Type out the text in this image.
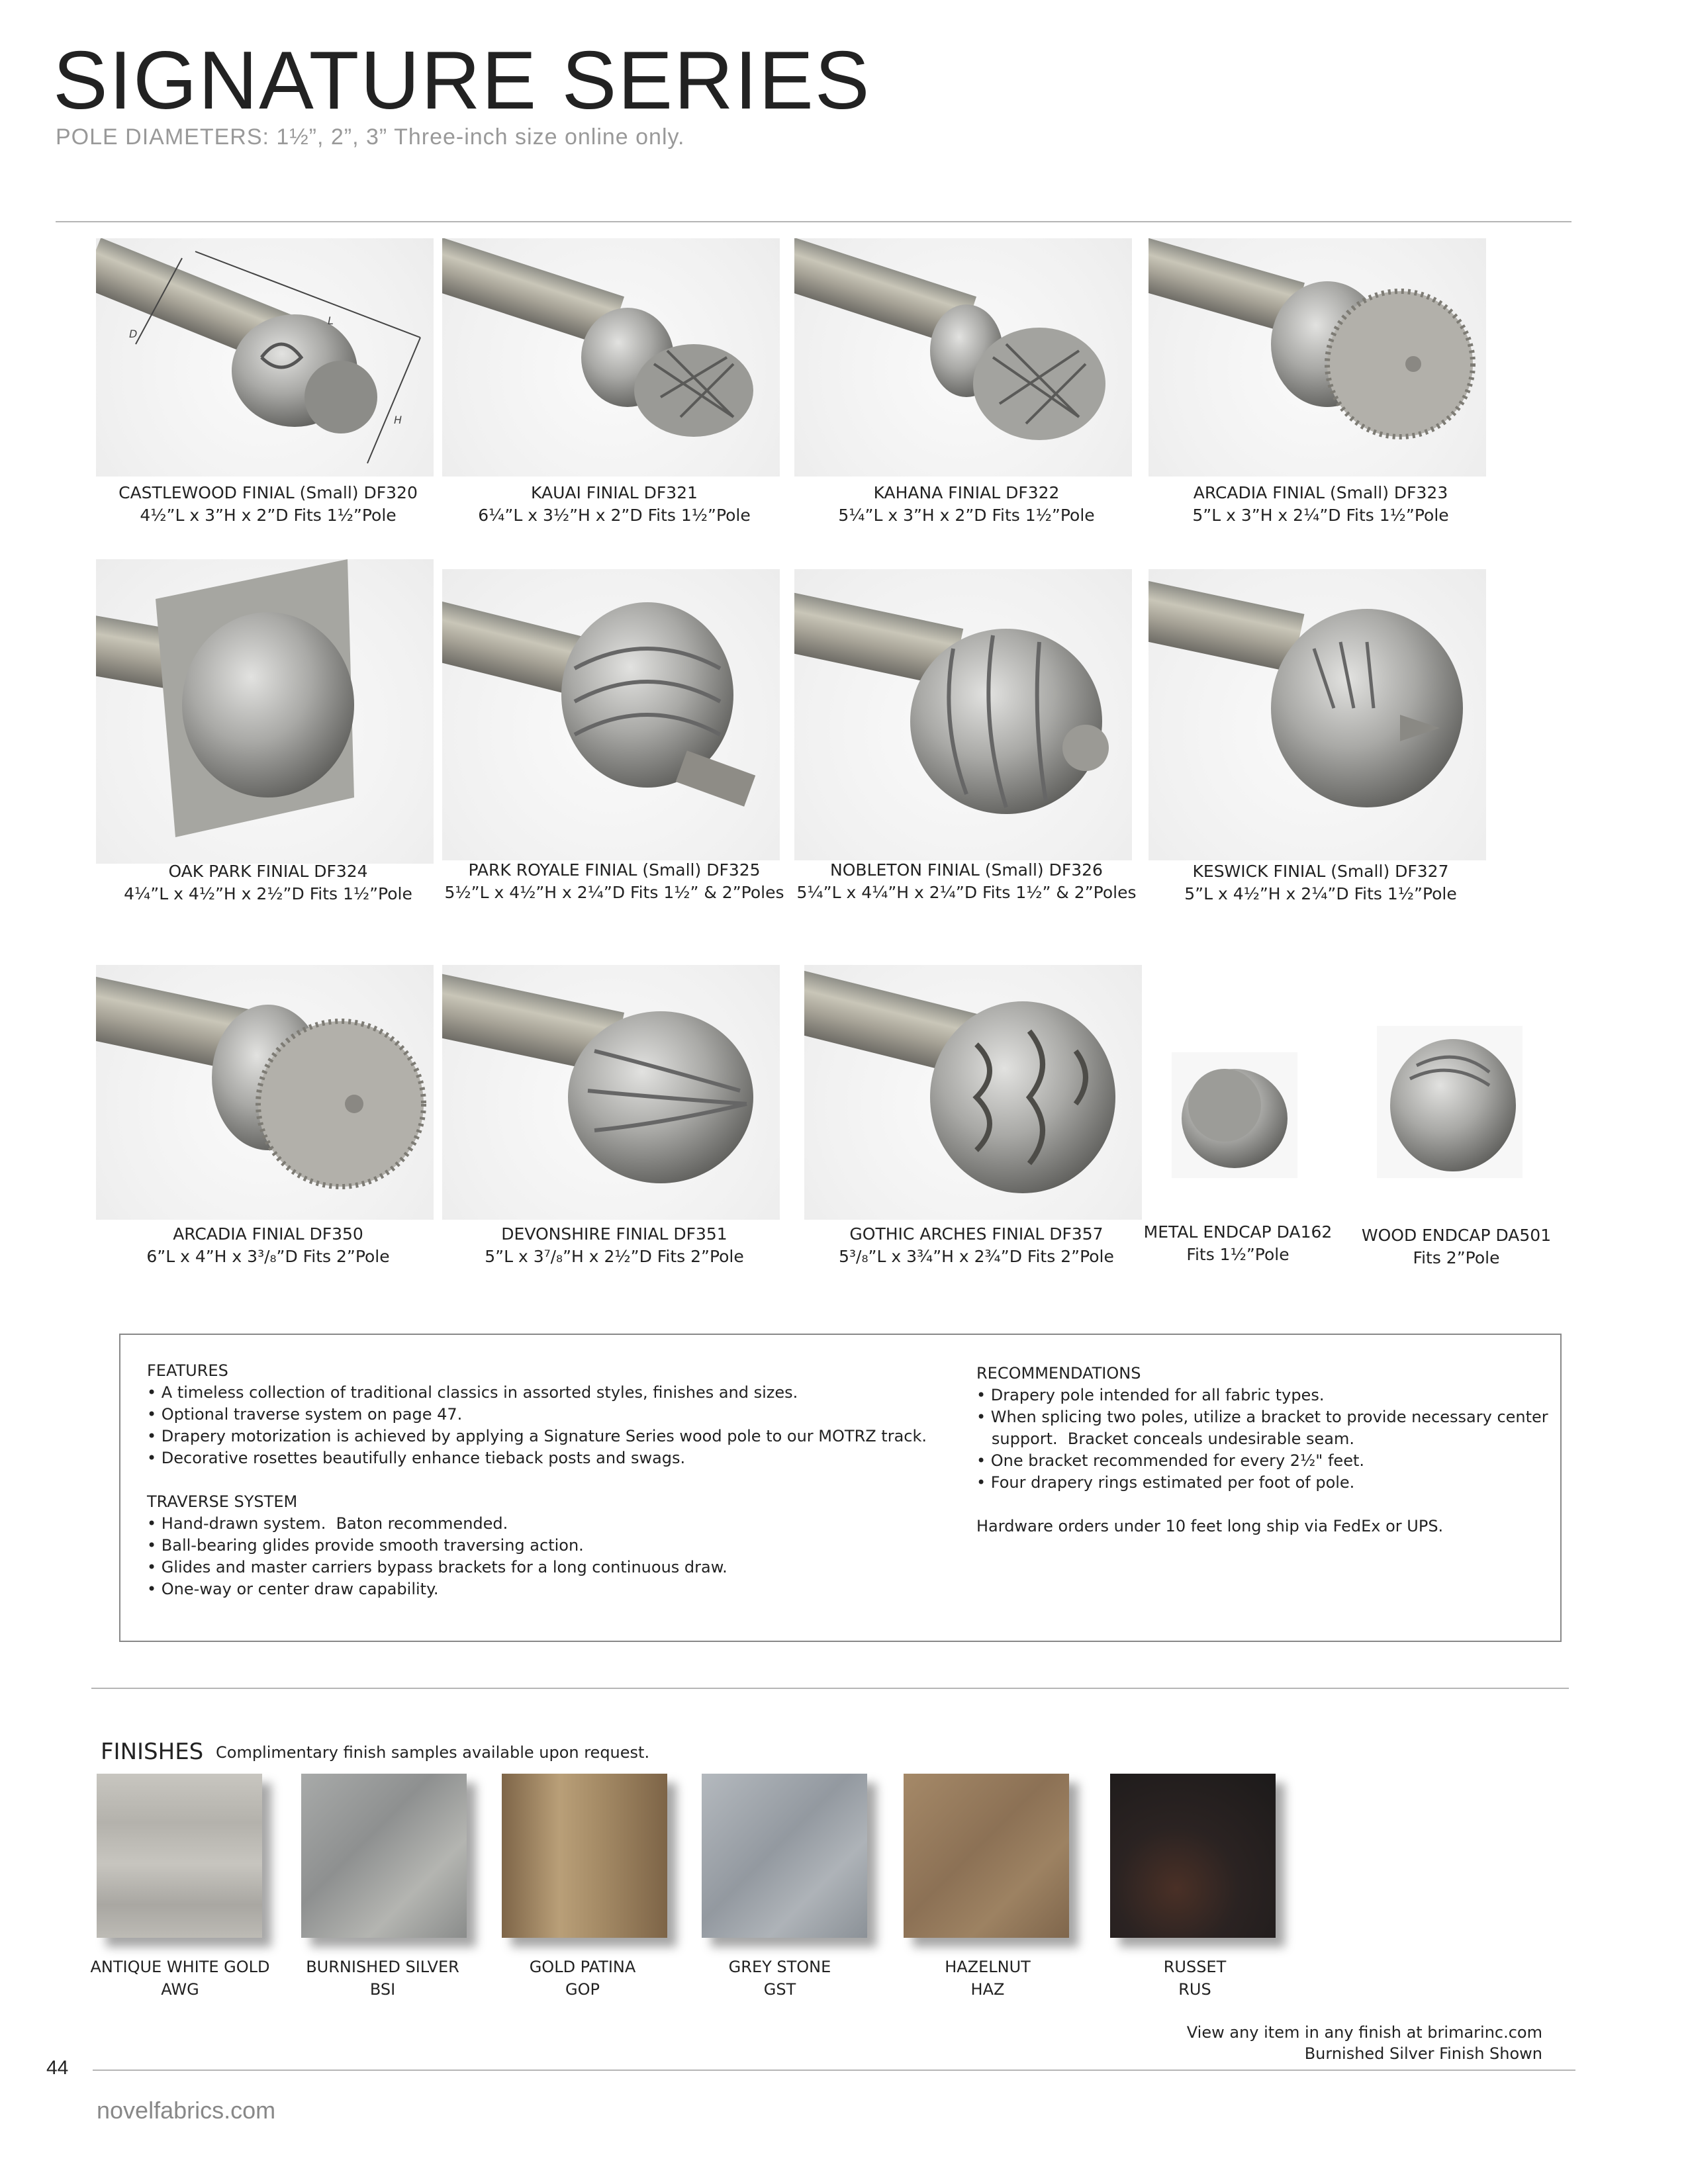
SIGNATURE SERIES
POLE DIAMETERS: 1½”, 2”, 3” Three-inch size online only.
L
D
H
CASTLEWOOD FINIAL (Small) DF320
4½”L x 3”H x 2”D Fits 1½”Pole
KAUAI FINIAL DF321
6¼”L x 3½”H x 2”D Fits 1½”Pole
KAHANA FINIAL DF322
5¼”L x 3”H x 2”D Fits 1½”Pole
ARCADIA FINIAL (Small) DF323
5”L x 3”H x 2¼”D Fits 1½”Pole
OAK PARK FINIAL DF324
4¼”L x 4½”H x 2½”D Fits 1½”Pole
PARK ROYALE FINIAL (Small) DF325
5½”L x 4½”H x 2¼”D Fits 1½” & 2”Poles
NOBLETON FINIAL (Small) DF326
5¼”L x 4¼”H x 2¼”D Fits 1½” & 2”Poles
KESWICK FINIAL (Small) DF327
5”L x 4½”H x 2¼”D Fits 1½”Pole
ARCADIA FINIAL DF350
6”L x 4”H x 3³/₈”D Fits 2”Pole
DEVONSHIRE FINIAL DF351
5”L x 3⁷/₈”H x 2½”D Fits 2”Pole
GOTHIC ARCHES FINIAL DF357
5³/₈”L x 3¾”H x 2¾”D Fits 2”Pole
METAL ENDCAP DA162
Fits 1½”Pole
WOOD ENDCAP DA501
Fits 2”Pole

FEATURES

• A timeless collection of traditional classics in assorted styles, finishes and sizes.

• Optional traverse system on page 47.

• Drapery motorization is achieved by applying a Signature Series wood pole to our MOTRZ track.

• Decorative rosettes beautifully enhance tieback posts and swags.

TRAVERSE SYSTEM

• Hand-drawn system.  Baton recommended.

• Ball-bearing glides provide smooth traversing action.

• Glides and master carriers bypass brackets for a long continuous draw.

• One-way or center draw capability.

RECOMMENDATIONS

• Drapery pole intended for all fabric types.

• When splicing two poles, utilize a bracket to provide necessary center

support.  Bracket conceals undesirable seam.

• One bracket recommended for every 2½" feet.

• Four drapery rings estimated per foot of pole.

Hardware orders under 10 feet long ship via FedEx or UPS.

FINISHES Complimentary finish samples available upon request.
ANTIQUE WHITE GOLD
AWG
BURNISHED SILVER
BSI
GOLD PATINA
GOP
GREY STONE
GST
HAZELNUT
HAZ
RUSSET
RUS
View any item in any finish at brimarinc.com
Burnished Silver Finish Shown
44
novelfabrics.com
